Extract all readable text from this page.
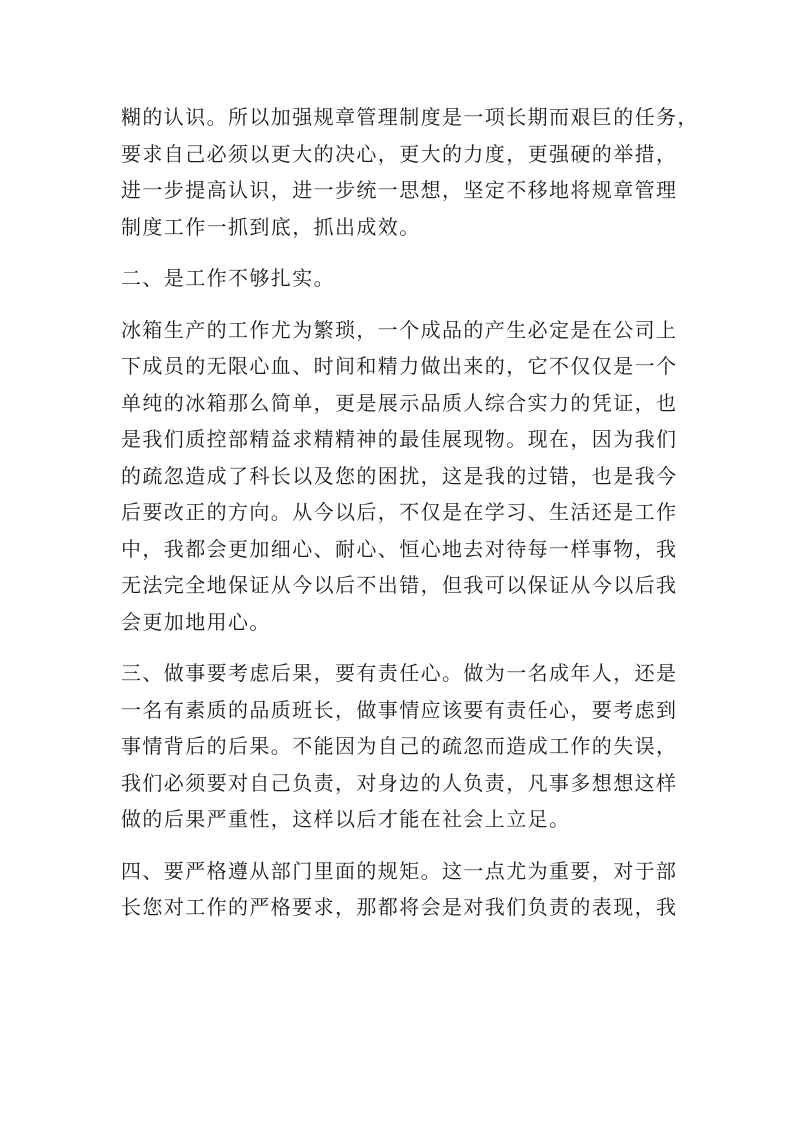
糊的认识。所以加强规章管理制度是一项长期而艰巨的任务，
要求自己必须以更大的决心，更大的力度，更强硬的举措，
进一步提高认识，进一步统一思想，坚定不移地将规章管理
制度工作一抓到底，抓出成效。
二、是工作不够扎实。
冰箱生产的工作尤为繁琐，一个成品的产生必定是在公司上
下成员的无限心血、时间和精力做出来的，它不仅仅是一个
单纯的冰箱那么简单，更是展示品质人综合实力的凭证，也
是我们质控部精益求精精神的最佳展现物。现在，因为我们
的疏忽造成了科长以及您的困扰，这是我的过错，也是我今
后要改正的方向。从今以后，不仅是在学习、生活还是工作
中，我都会更加细心、耐心、恒心地去对待每一样事物，我
无法完全地保证从今以后不出错，但我可以保证从今以后我
会更加地用心。
三、做事要考虑后果，要有责任心。做为一名成年人，还是
一名有素质的品质班长，做事情应该要有责任心，要考虑到
事情背后的后果。不能因为自己的疏忽而造成工作的失误，
我们必须要对自己负责，对身边的人负责，凡事多想想这样
做的后果严重性，这样以后才能在社会上立足。
四、要严格遵从部门里面的规矩。这一点尤为重要，对于部
长您对工作的严格要求，那都将会是对我们负责的表现，我
